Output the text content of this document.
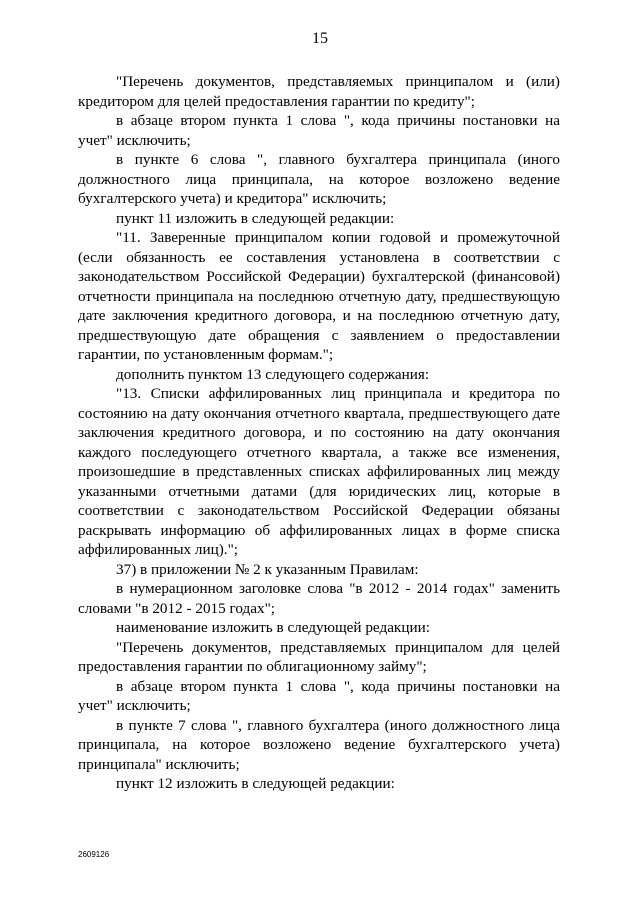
15

"Перечень документов, представляемых принципалом и (или) кредитором для целей предоставления гарантии по кредиту";

в абзаце втором пункта 1 слова ", кода причины постановки на учет" исключить;

в пункте 6 слова ", главного бухгалтера принципала (иного должностного лица принципала, на которое возложено ведение бухгалтерского учета) и кредитора" исключить;

пункт 11 изложить в следующей редакции:

"11. Заверенные принципалом копии годовой и промежуточной (если обязанность ее составления установлена в соответствии с законодательством Российской Федерации) бухгалтерской (финансовой) отчетности принципала на последнюю отчетную дату, предшествующую дате заключения кредитного договора, и на последнюю отчетную дату, предшествующую дате обращения с заявлением о предоставлении гарантии, по установленным формам.";

дополнить пунктом 13 следующего содержания:

"13. Списки аффилированных лиц принципала и кредитора по состоянию на дату окончания отчетного квартала, предшествующего дате заключения кредитного договора, и по состоянию на дату окончания каждого последующего отчетного квартала, а также все изменения, произошедшие в представленных списках аффилированных лиц между указанными отчетными датами (для юридических лиц, которые в соответствии с законодательством Российской Федерации обязаны раскрывать информацию об аффилированных лицах в форме списка аффилированных лиц).";

37) в приложении № 2 к указанным Правилам:

в нумерационном заголовке слова "в 2012 - 2014 годах" заменить словами "в 2012 - 2015 годах";

наименование изложить в следующей редакции:

"Перечень документов, представляемых принципалом для целей предоставления гарантии по облигационному займу";

в абзаце втором пункта 1 слова ", кода причины постановки на учет" исключить;

в пункте 7 слова ", главного бухгалтера (иного должностного лица принципала, на которое возложено ведение бухгалтерского учета) принципала" исключить;

пункт 12 изложить в следующей редакции:

2609126
